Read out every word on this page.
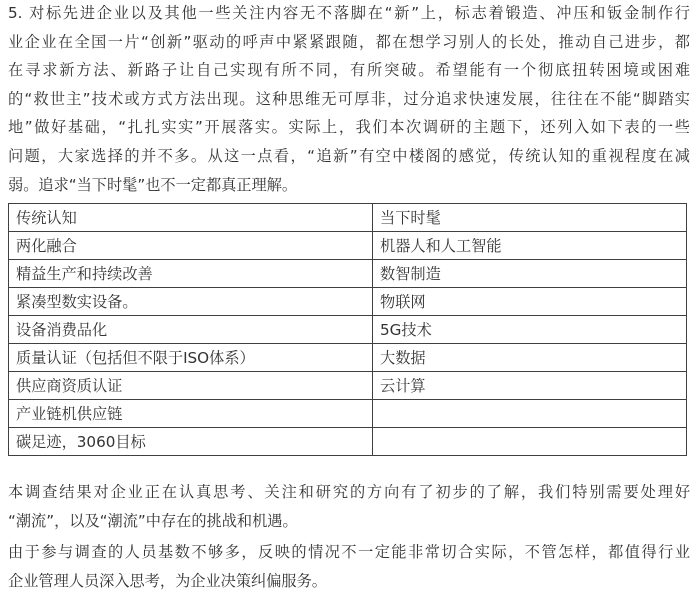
5. 对标先进企业以及其他一些关注内容无不落脚在“新”上，标志着锻造、冲压和钣金制作行
业企业在全国一片“创新”驱动的呼声中紧紧跟随，都在想学习别人的长处，推动自己进步，都
在寻求新方法、新路子让自己实现有所不同，有所突破。希望能有一个彻底扭转困境或困难
的“救世主”技术或方式方法出现。这种思维无可厚非，过分追求快速发展，往往在不能“脚踏实
地”做好基础，“扎扎实实”开展落实。实际上，我们本次调研的主题下，还列入如下表的一些
问题，大家选择的并不多。从这一点看，“追新”有空中楼阁的感觉，传统认知的重视程度在减
弱。追求“当下时髦”也不一定都真正理解。
传统认知	当下时髦
两化融合	机器人和人工智能
精益生产和持续改善	数智制造
紧凑型数实设备。	物联网
设备消费品化	5G技术
质量认证（包括但不限于ISO体系）	大数据
供应商资质认证	云计算
产业链机供应链	
碳足迹，3060目标	
本调查结果对企业正在认真思考、关注和研究的方向有了初步的了解，我们特别需要处理好
“潮流”，以及“潮流”中存在的挑战和机遇。
由于参与调查的人员基数不够多，反映的情况不一定能非常切合实际，不管怎样，都值得行业
企业管理人员深入思考，为企业决策纠偏服务。
